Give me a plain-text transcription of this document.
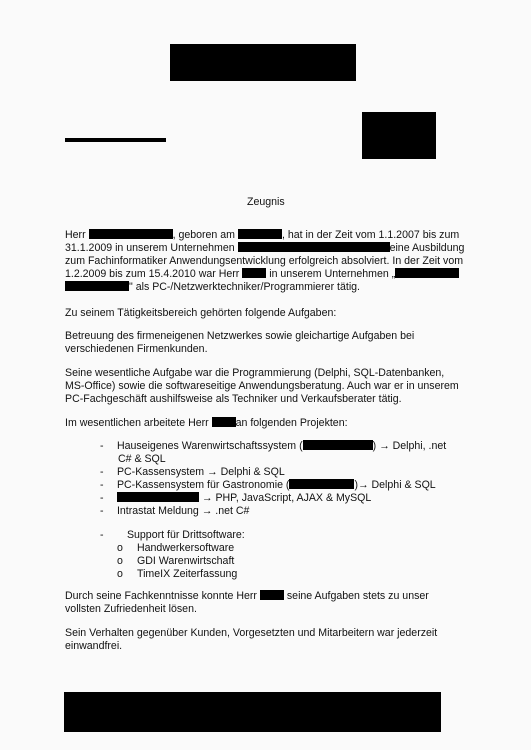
Zeugnis
Herr	, geboren am	, hat in der Zeit vom 1.1.2007 bis zum
31.1.2009 in unserem Unternehmen	eine Ausbildung
zum Fachinformatiker Anwendungsentwicklung erfolgreich absolviert. In der Zeit vom
1.2.2009 bis zum 15.4.2010 war Herr	in unserem Unternehmen „
" als PC-/Netzwerktechniker/Programmierer tätig.
Zu seinem Tätigkeitsbereich gehörten folgende Aufgaben:
Betreuung des firmeneigenen Netzwerkes sowie gleichartige Aufgaben bei
verschiedenen Firmenkunden.
Seine wesentliche Aufgabe war die Programmierung (Delphi, SQL-Datenbanken,
MS-Office) sowie die softwareseitige Anwendungsberatung. Auch war er in unserem
PC-Fachgeschäft aushilfsweise als Techniker und Verkaufsberater tätig.
Im wesentlichen arbeitete Herr	an folgenden Projekten:
- Hauseigenes Warenwirtschaftssystem (	) → Delphi, .net
C# & SQL
- PC-Kassensystem → Delphi & SQL
- PC-Kassensystem für Gastronomie (	)→ Delphi & SQL
-	→ PHP, JavaScript, AJAX & MySQL
- Intrastat Meldung → .net C#
- Support für Drittsoftware:
o Handwerkersoftware
o GDI Warenwirtschaft
o TimeIX Zeiterfassung
Durch seine Fachkenntnisse konnte Herr	seine Aufgaben stets zu unser
vollsten Zufriedenheit lösen.
Sein Verhalten gegenüber Kunden, Vorgesetzten und Mitarbeitern war jederzeit
einwandfrei.
